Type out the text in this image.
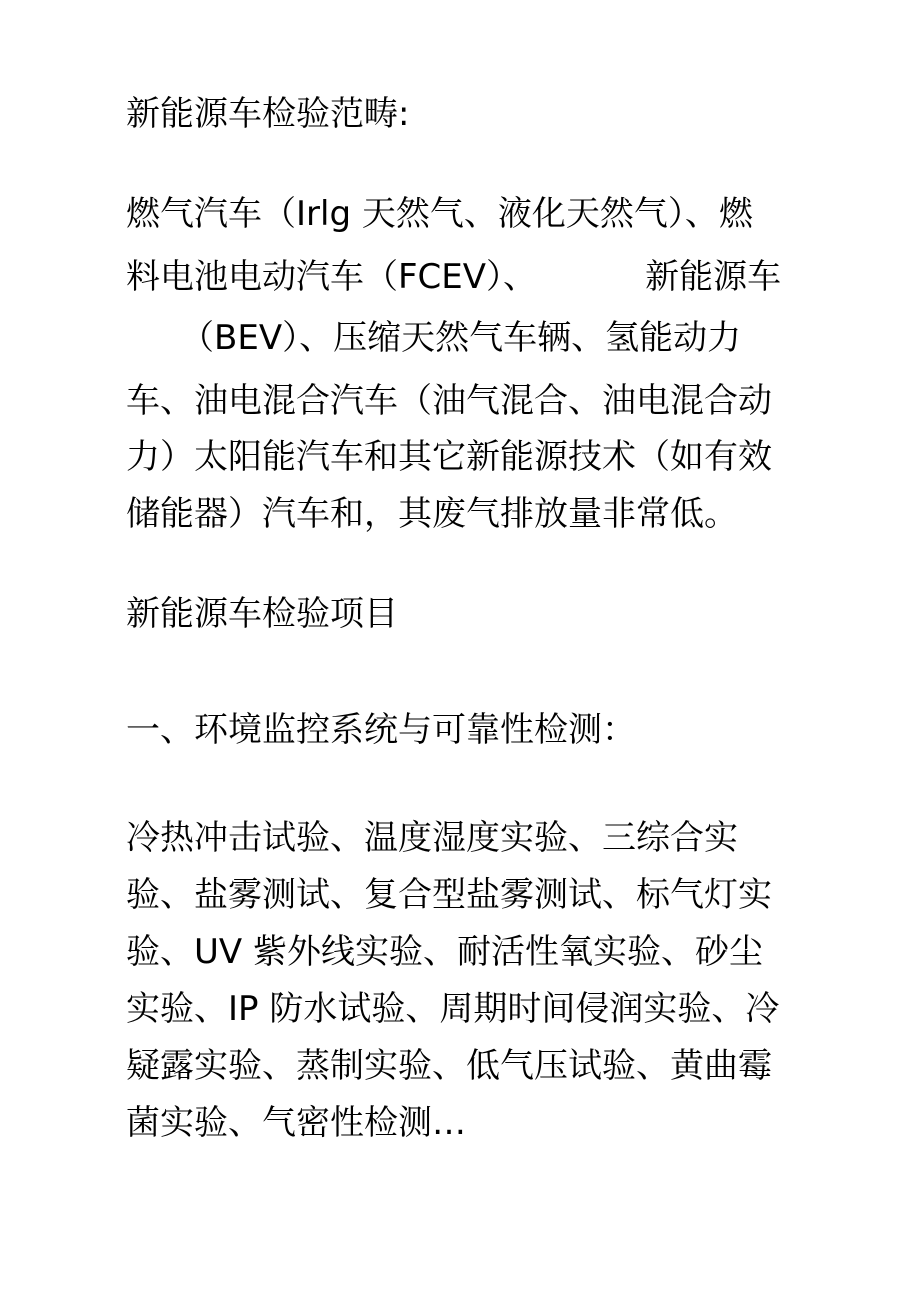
新能源车检验范畴:

燃气汽车（Irlg 天然气、液化天然气）、燃

料电池电动汽车（FCEV）、          新能源车

（BEV）、压缩天然气车辆、氢能动力

车、油电混合汽车（油气混合、油电混合动

力）太阳能汽车和其它新能源技术（如有效

储能器）汽车和，其废气排放量非常低。

新能源车检验项目

一、环境监控系统与可靠性检测：

冷热冲击试验、温度湿度实验、三综合实

验、盐雾测试、复合型盐雾测试、标气灯实

验、UV 紫外线实验、耐活性氧实验、砂尘

实验、IP 防水试验、周期时间侵润实验、冷

疑露实验、蒸制实验、低气压试验、黄曲霉

菌实验、气密性检测…
